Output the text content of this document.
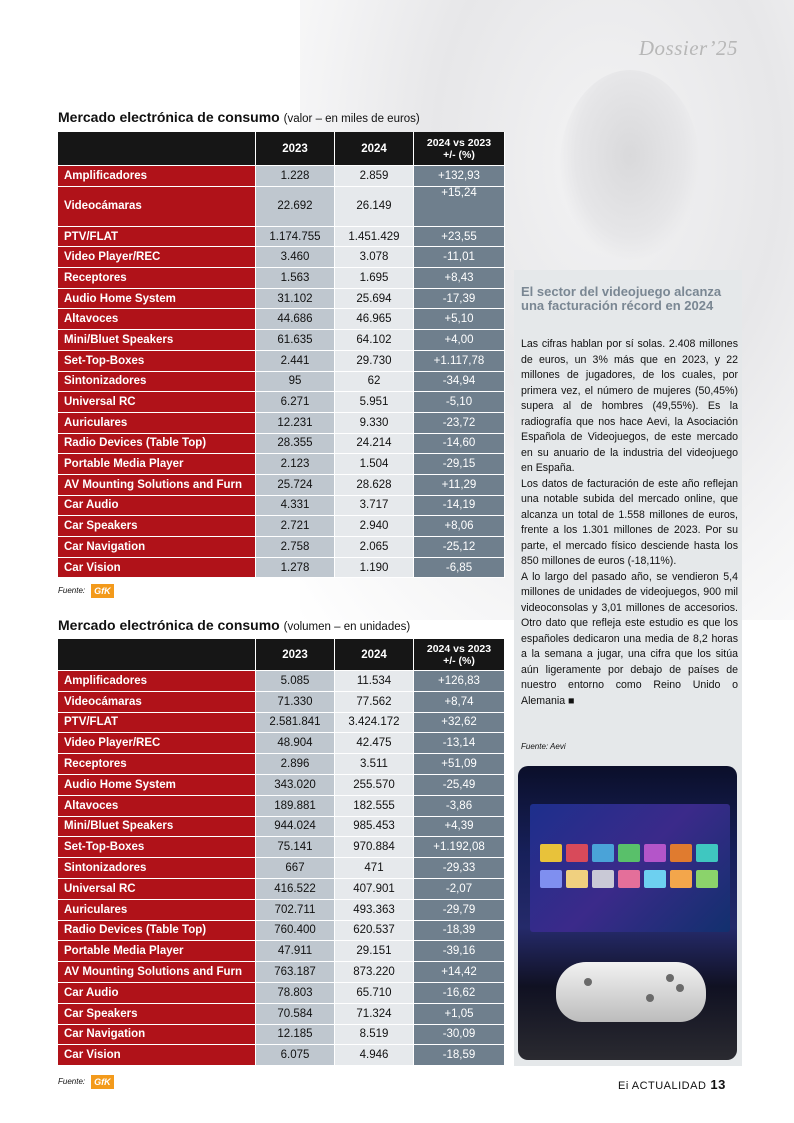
Dossier’25
Mercado electrónica de consumo (valor – en miles de euros)
	2023	2024	2024 vs 2023
+/- (%)
Amplificadores	1.228	2.859	+132,93
Videocámaras	22.692	26.149	+15,24
PTV/FLAT	1.174.755	1.451.429	+23,55
Video Player/REC	3.460	3.078	-11,01
Receptores	1.563	1.695	+8,43
Audio Home System	31.102	25.694	-17,39
Altavoces	44.686	46.965	+5,10
Mini/Bluet Speakers	61.635	64.102	+4,00
Set-Top-Boxes	2.441	29.730	+1.117,78
Sintonizadores	95	62	-34,94
Universal RC	6.271	5.951	-5,10
Auriculares	12.231	9.330	-23,72
Radio Devices (Table Top)	28.355	24.214	-14,60
Portable Media Player	2.123	1.504	-29,15
AV Mounting Solutions and Furn	25.724	28.628	+11,29
Car Audio	4.331	3.717	-14,19
Car Speakers	2.721	2.940	+8,06
Car Navigation	2.758	2.065	-25,12
Car Vision	1.278	1.190	-6,85
Fuente: GfK
Mercado electrónica de consumo (volumen – en unidades)
	2023	2024	2024 vs 2023
+/- (%)
Amplificadores	5.085	11.534	+126,83
Videocámaras	71.330	77.562	+8,74
PTV/FLAT	2.581.841	3.424.172	+32,62
Video Player/REC	48.904	42.475	-13,14
Receptores	2.896	3.511	+51,09
Audio Home System	343.020	255.570	-25,49
Altavoces	189.881	182.555	-3,86
Mini/Bluet Speakers	944.024	985.453	+4,39
Set-Top-Boxes	75.141	970.884	+1.192,08
Sintonizadores	667	471	-29,33
Universal RC	416.522	407.901	-2,07
Auriculares	702.711	493.363	-29,79
Radio Devices (Table Top)	760.400	620.537	-18,39
Portable Media Player	47.911	29.151	-39,16
AV Mounting Solutions and Furn	763.187	873.220	+14,42
Car Audio	78.803	65.710	-16,62
Car Speakers	70.584	71.324	+1,05
Car Navigation	12.185	8.519	-30,09
Car Vision	6.075	4.946	-18,59
Fuente: GfK
El sector del videojuego alcanza una facturación récord en 2024

Las cifras hablan por sí solas. 2.408 millones de euros, un 3% más que en 2023, y 22 millones de jugadores, de los cuales, por primera vez, el número de mujeres (50,45%) supera al de hombres (49,55%). Es la radiografía que nos hace Aevi, la Asociación Española de Videojuegos, de este mercado en su anuario de la industria del videojuego en España.

Los datos de facturación de este año reflejan una notable subida del mercado online, que alcanza un total de 1.558 millones de euros, frente a los 1.301 millones de 2023. Por su parte, el mercado físico desciende hasta los 850 millones de euros (-18,11%).

A lo largo del pasado año, se vendieron 5,4 millones de unidades de videojuegos, 900 mil videoconsolas y 3,01 millones de accesorios. Otro dato que refleja este estudio es que los españoles dedicaron una media de 8,2 horas a la semana a jugar, una cifra que los sitúa aún ligeramente por debajo de países de nuestro entorno como Reino Unido o Alemania ■

Fuente: Aevi
Ei ACTUALIDAD 13
